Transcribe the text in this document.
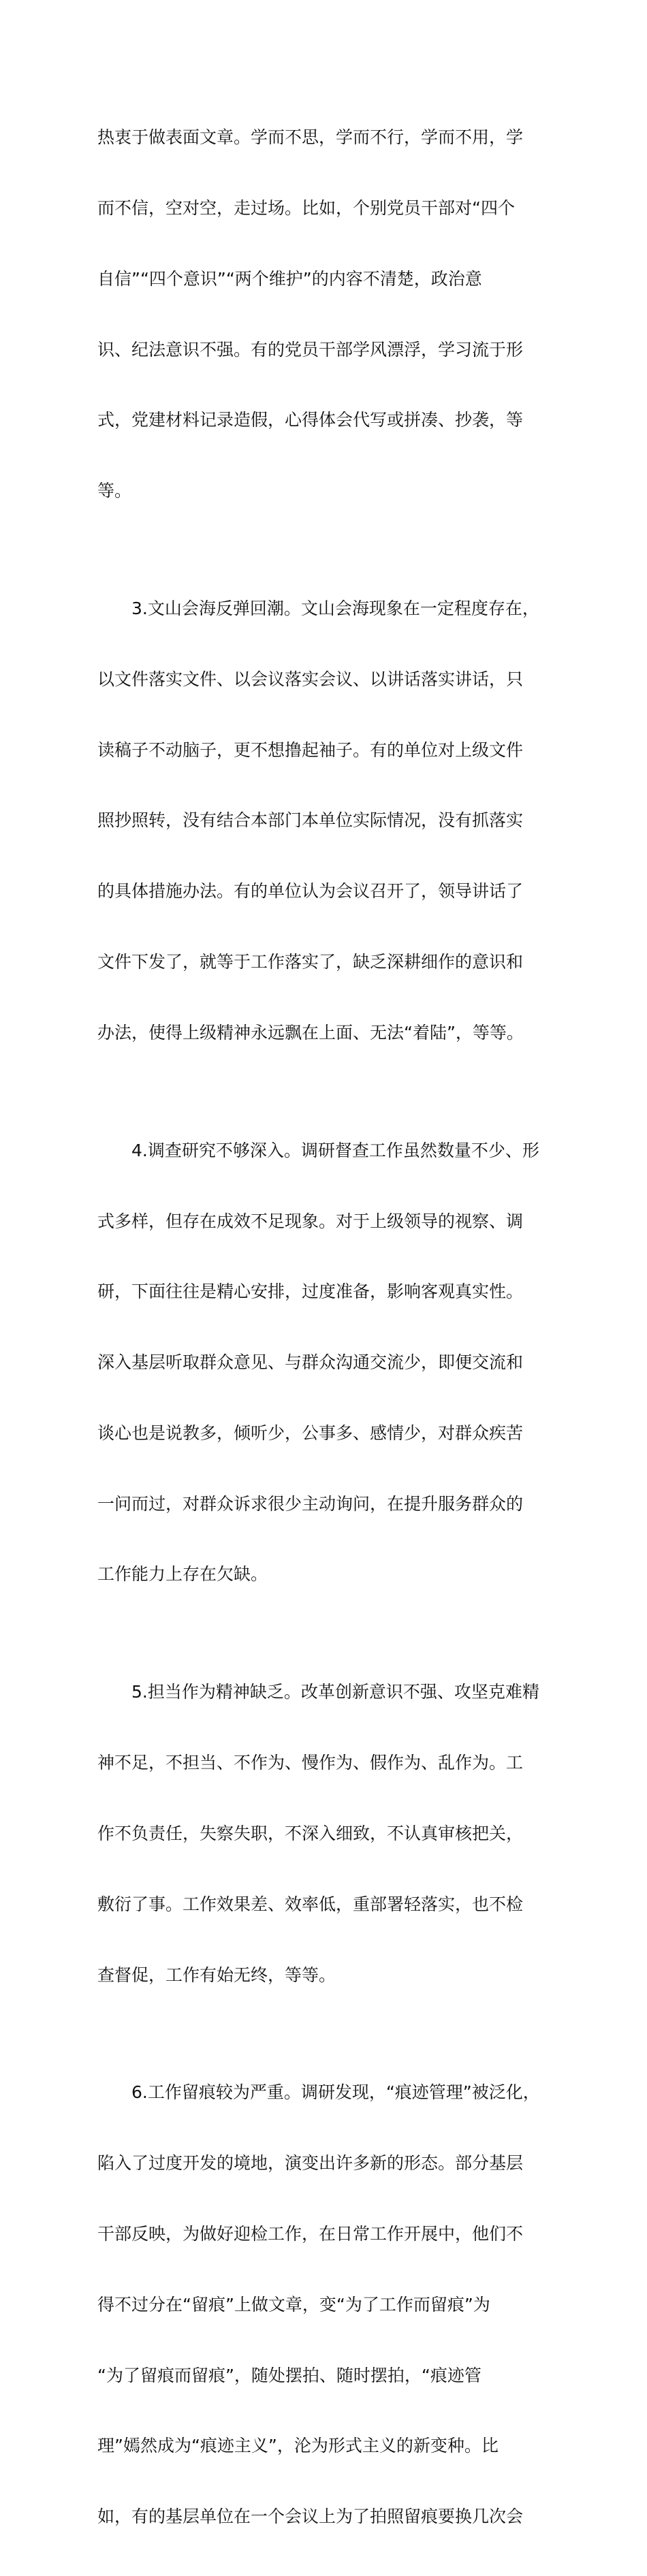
热衷于做表面文章。学而不思，学而不行，学而不用，学

而不信，空对空，走过场。比如，个别党员干部对“四个

自信”“四个意识”“两个维护”的内容不清楚，政治意

识、纪法意识不强。有的党员干部学风漂浮，学习流于形

式，党建材料记录造假，心得体会代写或拼凑、抄袭，等

等。

3.文山会海反弹回潮。文山会海现象在一定程度存在，

以文件落实文件、以会议落实会议、以讲话落实讲话，只

读稿子不动脑子，更不想撸起袖子。有的单位对上级文件

照抄照转，没有结合本部门本单位实际情况，没有抓落实

的具体措施办法。有的单位认为会议召开了，领导讲话了

文件下发了，就等于工作落实了，缺乏深耕细作的意识和

办法，使得上级精神永远飘在上面、无法“着陆”，等等。

4.调查研究不够深入。调研督查工作虽然数量不少、形

式多样，但存在成效不足现象。对于上级领导的视察、调

研，下面往往是精心安排，过度准备，影响客观真实性。

深入基层听取群众意见、与群众沟通交流少，即便交流和

谈心也是说教多，倾听少，公事多、感情少，对群众疾苦

一问而过，对群众诉求很少主动询问，在提升服务群众的

工作能力上存在欠缺。

5.担当作为精神缺乏。改革创新意识不强、攻坚克难精

神不足，不担当、不作为、慢作为、假作为、乱作为。工

作不负责任，失察失职，不深入细致，不认真审核把关，

敷衍了事。工作效果差、效率低，重部署轻落实，也不检

查督促，工作有始无终，等等。

6.工作留痕较为严重。调研发现，“痕迹管理”被泛化，

陷入了过度开发的境地，演变出许多新的形态。部分基层

干部反映，为做好迎检工作，在日常工作开展中，他们不

得不过分在“留痕”上做文章，变“为了工作而留痕”为

“为了留痕而留痕”，随处摆拍、随时摆拍，“痕迹管

理”嫣然成为“痕迹主义”，沦为形式主义的新变种。比

如，有的基层单位在一个会议上为了拍照留痕要换几次会
